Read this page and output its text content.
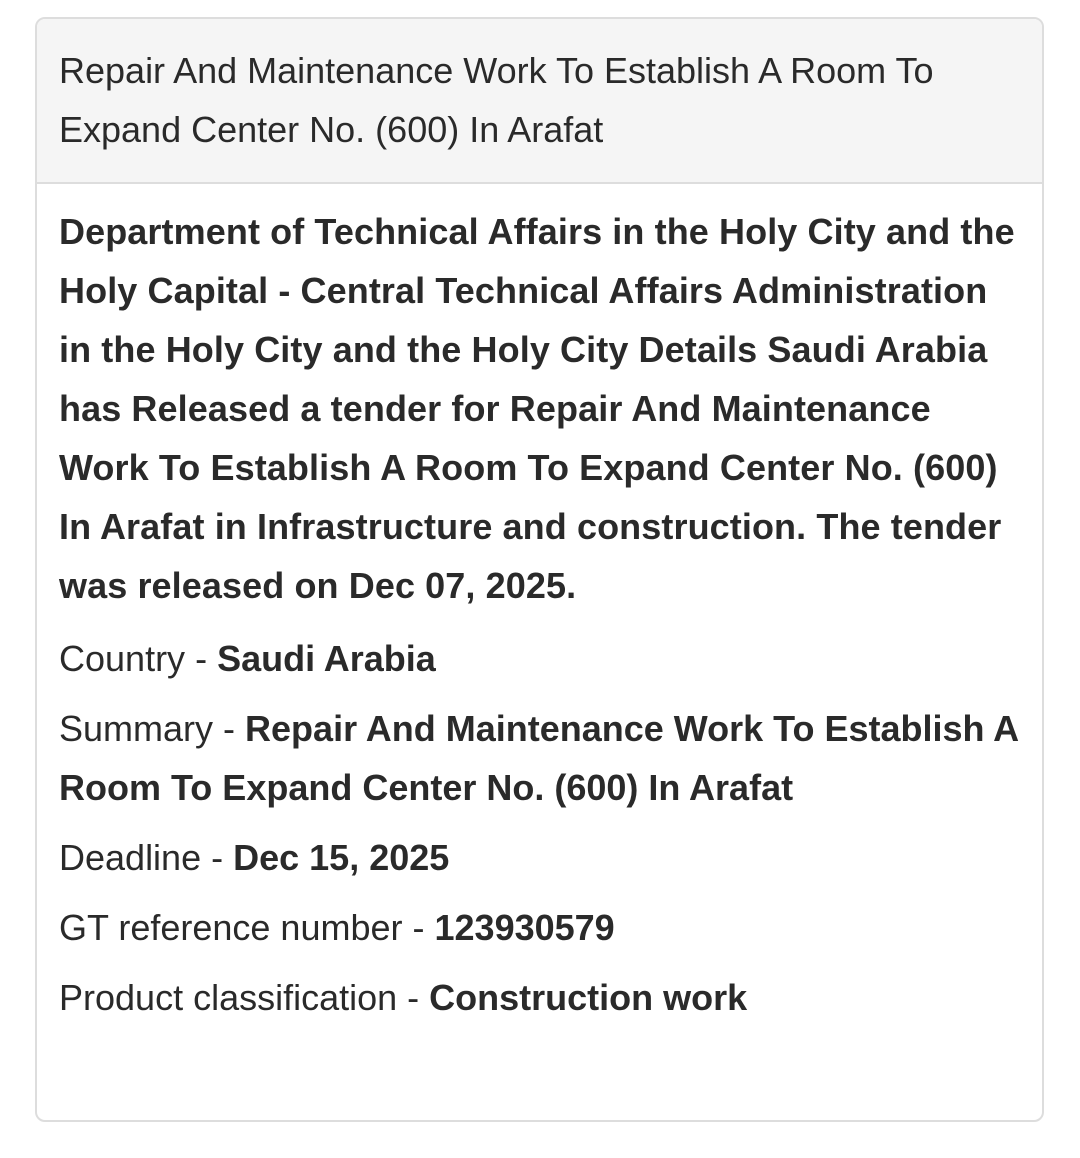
Repair And Maintenance Work To Establish A Room To Expand Center No. (600) In Arafat

Department of Technical Affairs in the Holy City and the Holy Capital - Central Technical Affairs Administration in the Holy City and the Holy City Details Saudi Arabia has Released a tender for Repair And Maintenance Work To Establish A Room To Expand Center No. (600) In Arafat in Infrastructure and construction. The tender was released on Dec 07, 2025.

Country - Saudi Arabia
Summary - Repair And Maintenance Work To Establish A Room To Expand Center No. (600) In Arafat
Deadline - Dec 15, 2025
GT reference number - 123930579
Product classification - Construction work
